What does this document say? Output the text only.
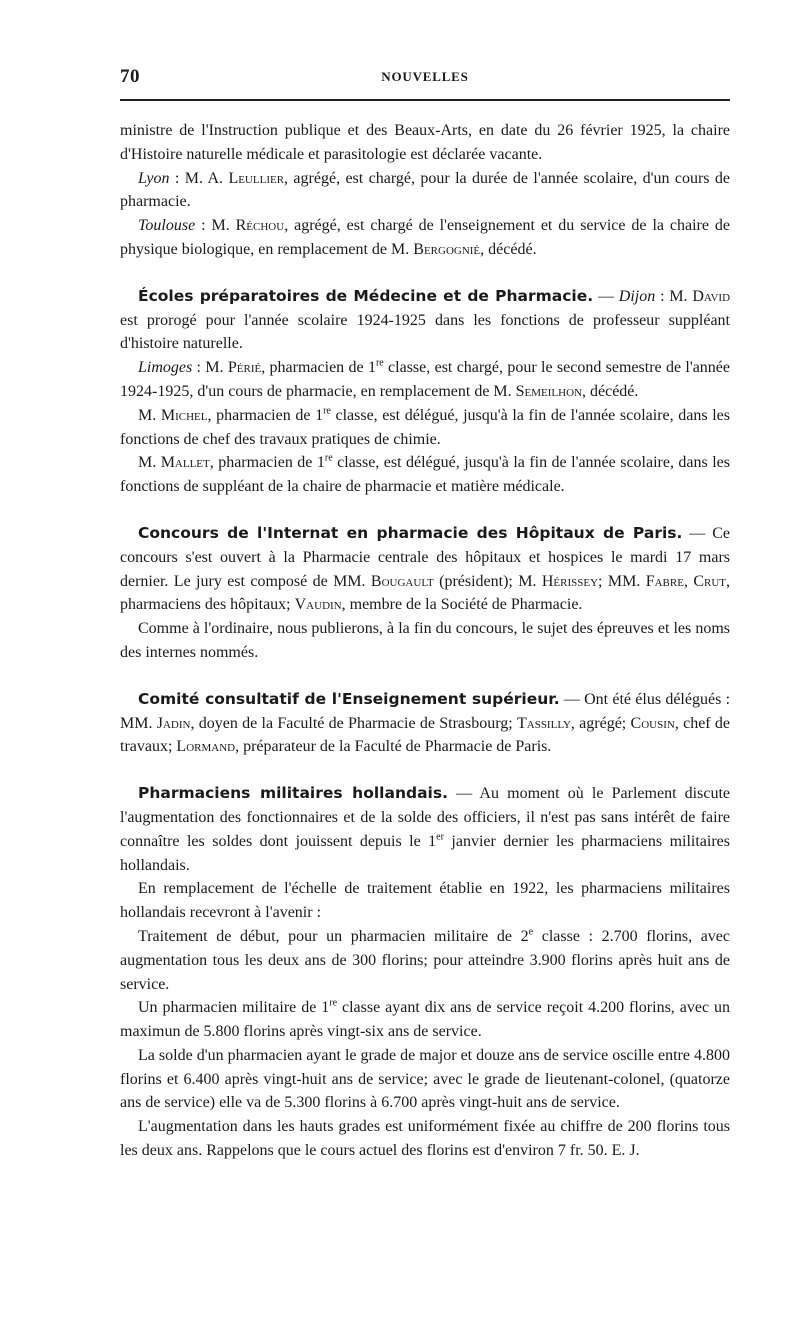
70	NOUVELLES

ministre de l'Instruction publique et des Beaux-Arts, en date du 26 février 1925, la chaire d'Histoire naturelle médicale et parasitologie est déclarée vacante.

Lyon : M. A. Leullier, agrégé, est chargé, pour la durée de l'année scolaire, d'un cours de pharmacie.

Toulouse : M. Réchou, agrégé, est chargé de l'enseignement et du service de la chaire de physique biologique, en remplacement de M. Bergognié, décédé.

Écoles préparatoires de Médecine et de Pharmacie. — Dijon : M. David est prorogé pour l'année scolaire 1924-1925 dans les fonctions de professeur suppléant d'histoire naturelle.

Limoges : M. Périé, pharmacien de 1re classe, est chargé, pour le second semestre de l'année 1924-1925, d'un cours de pharmacie, en remplacement de M. Semeilhon, décédé.

M. Michel, pharmacien de 1re classe, est délégué, jusqu'à la fin de l'année scolaire, dans les fonctions de chef des travaux pratiques de chimie.

M. Mallet, pharmacien de 1re classe, est délégué, jusqu'à la fin de l'année scolaire, dans les fonctions de suppléant de la chaire de pharmacie et matière médicale.

Concours de l'Internat en pharmacie des Hôpitaux de Paris. — Ce concours s'est ouvert à la Pharmacie centrale des hôpitaux et hospices le mardi 17 mars dernier. Le jury est composé de MM. Bougault (président); M. Hérissey; MM. Fabre, Crut, pharmaciens des hôpitaux; Vaudin, membre de la Société de Pharmacie.

Comme à l'ordinaire, nous publierons, à la fin du concours, le sujet des épreuves et les noms des internes nommés.

Comité consultatif de l'Enseignement supérieur. — Ont été élus délégués : MM. Jadin, doyen de la Faculté de Pharmacie de Strasbourg; Tassilly, agrégé; Cousin, chef de travaux; Lormand, préparateur de la Faculté de Pharmacie de Paris.

Pharmaciens militaires hollandais. — Au moment où le Parlement discute l'augmentation des fonctionnaires et de la solde des officiers, il n'est pas sans intérêt de faire connaître les soldes dont jouissent depuis le 1er janvier dernier les pharmaciens militaires hollandais.

En remplacement de l'échelle de traitement établie en 1922, les pharmaciens militaires hollandais recevront à l'avenir :

Traitement de début, pour un pharmacien militaire de 2e classe : 2.700 florins, avec augmentation tous les deux ans de 300 florins; pour atteindre 3.900 florins après huit ans de service.

Un pharmacien militaire de 1re classe ayant dix ans de service reçoit 4.200 florins, avec un maximun de 5.800 florins après vingt-six ans de service.

La solde d'un pharmacien ayant le grade de major et douze ans de service oscille entre 4.800 florins et 6.400 après vingt-huit ans de service; avec le grade de lieutenant-colonel, (quatorze ans de service) elle va de 5.300 florins à 6.700 après vingt-huit ans de service.

L'augmentation dans les hauts grades est uniformément fixée au chiffre de 200 florins tous les deux ans. Rappelons que le cours actuel des florins est d'environ 7 fr. 50. E. J.
